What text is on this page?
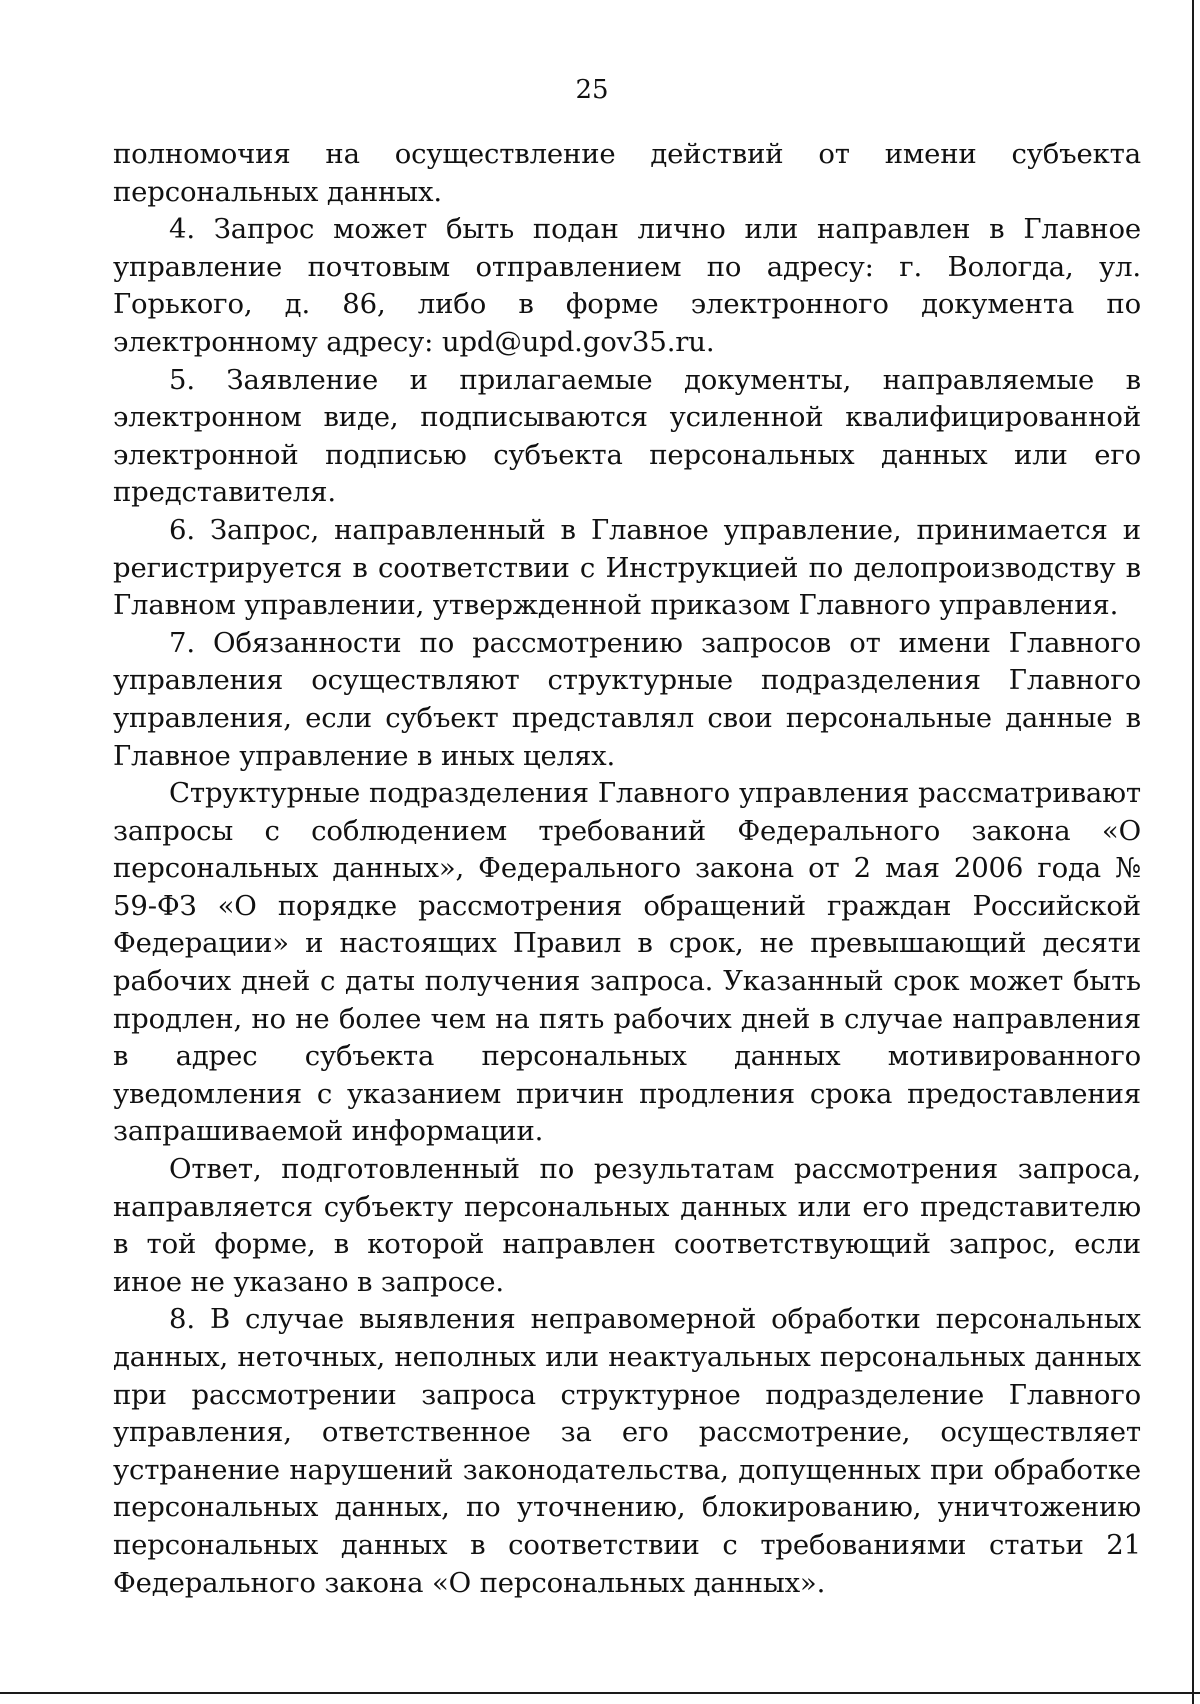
25

полномочия на осуществление действий от имени субъекта персональных данных.

4. Запрос может быть подан лично или направлен в Главное управление почтовым отправлением по адресу: г. Вологда, ул. Горького, д. 86, либо в форме электронного документа по электронному адресу: upd@upd.gov35.ru.

5. Заявление и прилагаемые документы, направляемые в электронном виде, подписываются усиленной квалифицированной электронной подписью субъекта персональных данных или его представителя.

6. Запрос, направленный в Главное управление, принимается и регистрируется в соответствии с Инструкцией по делопроизводству в Главном управлении, утвержденной приказом Главного управления.

7. Обязанности по рассмотрению запросов от имени Главного управления осуществляют структурные подразделения Главного управления, если субъект представлял свои персональные данные в Главное управление в иных целях.

Структурные подразделения Главного управления рассматривают запросы с соблюдением требований Федерального закона «О персональных данных», Федерального закона от 2 мая 2006 года № 59-ФЗ «О порядке рассмотрения обращений граждан Российской Федерации» и настоящих Правил в срок, не превышающий десяти рабочих дней с даты получения запроса. Указанный срок может быть продлен, но не более чем на пять рабочих дней в случае направления в адрес субъекта персональных данных мотивированного уведомления с указанием причин продления срока предоставления запрашиваемой информации.

Ответ, подготовленный по результатам рассмотрения запроса, направляется субъекту персональных данных или его представителю в той форме, в которой направлен соответствующий запрос, если иное не указано в запросе.

8. В случае выявления неправомерной обработки персональных данных, неточных, неполных или неактуальных персональных данных при рассмотрении запроса структурное подразделение Главного управления, ответственное за его рассмотрение, осуществляет устранение нарушений законодательства, допущенных при обработке персональных данных, по уточнению, блокированию, уничтожению персональных данных в соответствии с требованиями статьи 21 Федерального закона «О персональных данных».
